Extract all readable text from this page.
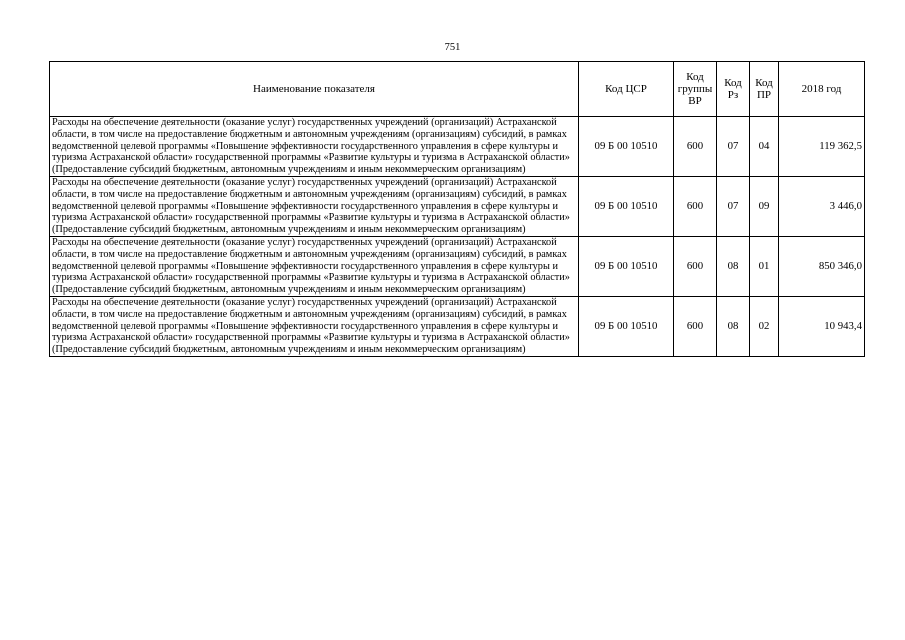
751
Наименование показателя	Код ЦСР	Код группы ВР	Код Рз	Код ПР	2018 год
Расходы на обеспечение деятельности (оказание услуг) государственных учреждений (организаций) Астраханской области, в том числе на предоставление бюджетным и автономным учреждениям (организациям) субсидий, в рамках ведомственной целевой программы «Повышение эффективности государственного управления в сфере культуры и туризма Астраханской области» государственной программы «Развитие культуры и туризма в Астраханской области» (Предоставление субсидий бюджетным, автономным учреждениям и иным некоммерческим организациям)	09 Б 00 10510	600	07	04	119 362,5
Расходы на обеспечение деятельности (оказание услуг) государственных учреждений (организаций) Астраханской области, в том числе на предоставление бюджетным и автономным учреждениям (организациям) субсидий, в рамках ведомственной целевой программы «Повышение эффективности государственного управления в сфере культуры и туризма Астраханской области» государственной программы «Развитие культуры и туризма в Астраханской области» (Предоставление субсидий бюджетным, автономным учреждениям и иным некоммерческим организациям)	09 Б 00 10510	600	07	09	3 446,0
Расходы на обеспечение деятельности (оказание услуг) государственных учреждений (организаций) Астраханской области, в том числе на предоставление бюджетным и автономным учреждениям (организациям) субсидий, в рамках ведомственной целевой программы «Повышение эффективности государственного управления в сфере культуры и туризма Астраханской области» государственной программы «Развитие культуры и туризма в Астраханской области» (Предоставление субсидий бюджетным, автономным учреждениям и иным некоммерческим организациям)	09 Б 00 10510	600	08	01	850 346,0
Расходы на обеспечение деятельности (оказание услуг) государственных учреждений (организаций) Астраханской области, в том числе на предоставление бюджетным и автономным учреждениям (организациям) субсидий, в рамках ведомственной целевой программы «Повышение эффективности государственного управления в сфере культуры и туризма Астраханской области» государственной программы «Развитие культуры и туризма в Астраханской области» (Предоставление субсидий бюджетным, автономным учреждениям и иным некоммерческим организациям)	09 Б 00 10510	600	08	02	10 943,4
